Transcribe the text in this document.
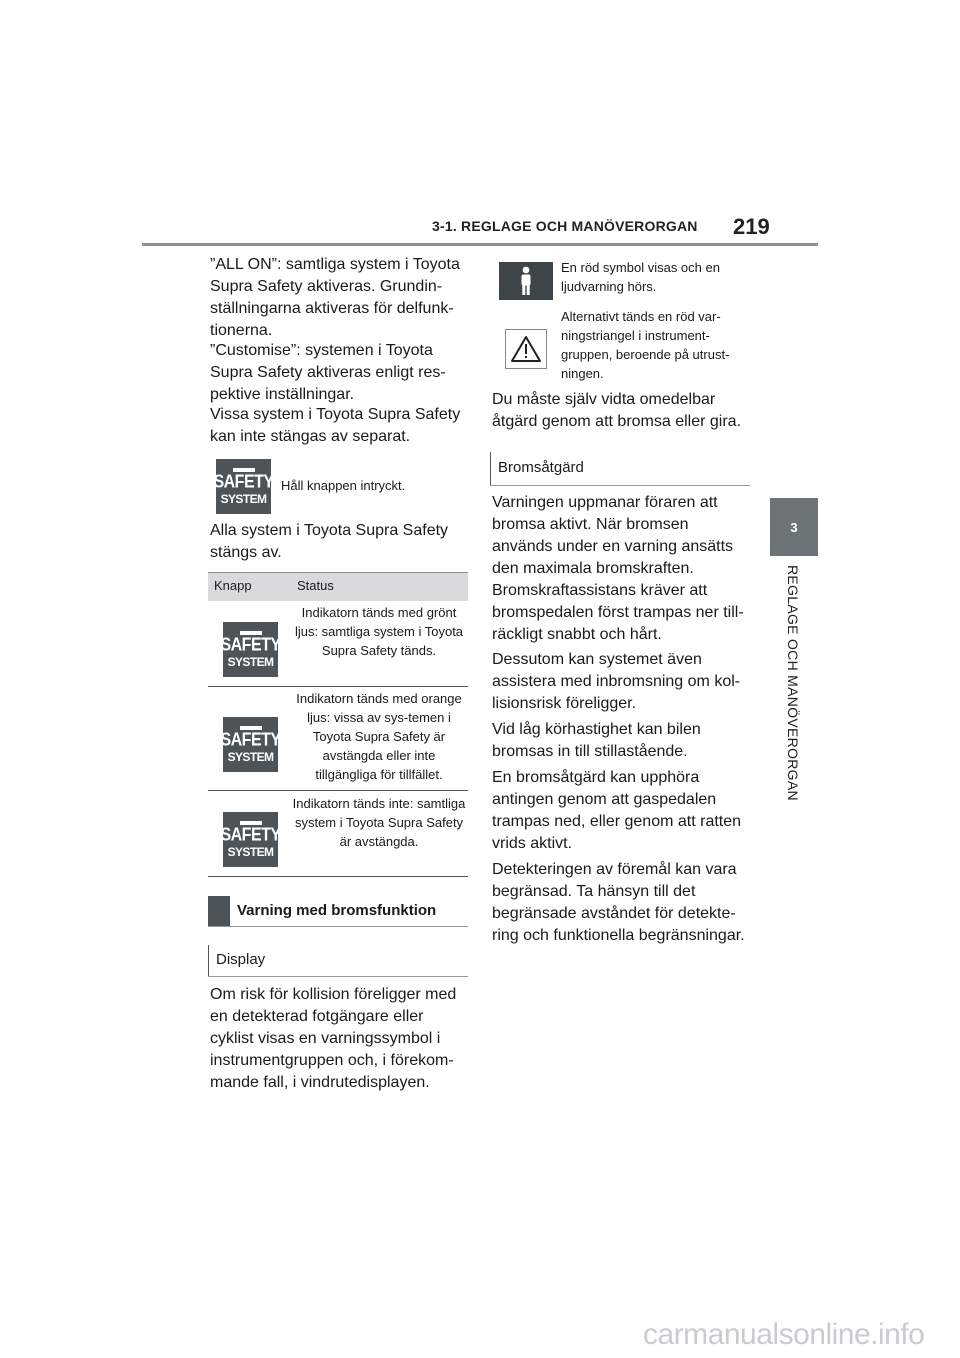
3-1. REGLAGE OCH MANÖVERORGAN 219
3
REGLAGE OCH MANÖVERORGAN

”ALL ON”: samtliga system i Toyota Supra Safety aktiveras. Grundin-ställningarna aktiveras för delfunk-tionerna.

”Customise”: systemen i Toyota Supra Safety aktiveras enligt res-pektive inställningar.

Vissa system i Toyota Supra Safety kan inte stängas av separat.

SAFETY
SYSTEM
Håll knappen intryckt.

Alla system i Toyota Supra Safety stängs av.

Knapp	Status
SAFETY
SYSTEM
Indikatorn tänds med grönt ljus: samtliga system i Toyota Supra Safety tänds.
SAFETY
SYSTEM
Indikatorn tänds med orange ljus: vissa av sys-temen i Toyota Supra Safety är avstängda eller inte tillgängliga för tillfället.
SAFETY
SYSTEM
Indikatorn tänds inte: samtliga system i Toyota Supra Safety är avstängda.
Varning med bromsfunktion
Display

Om risk för kollision föreligger med en detekterad fotgängare eller cyklist visas en varningssymbol i instrumentgruppen och, i förekom-mande fall, i vindrutedisplayen.

En röd symbol visas och en ljudvarning hörs.
Alternativt tänds en röd var-ningstriangel i instrument-gruppen, beroende på utrust-ningen.

Du måste själv vidta omedelbar åtgärd genom att bromsa eller gira.

Bromsåtgärd

Varningen uppmanar föraren att bromsa aktivt. När bromsen används under en varning ansätts den maximala bromskraften. Bromskraftassistans kräver att bromspedalen först trampas ner till-räckligt snabbt och hårt.

Dessutom kan systemet även assistera med inbromsning om kol-lisionsrisk föreligger.

Vid låg körhastighet kan bilen bromsas in till stillastående.

En bromsåtgärd kan upphöra antingen genom att gaspedalen trampas ned, eller genom att ratten vrids aktivt.

Detekteringen av föremål kan vara begränsad. Ta hänsyn till det begränsade avståndet för detekte-ring och funktionella begränsningar.

carmanualsonline.info
